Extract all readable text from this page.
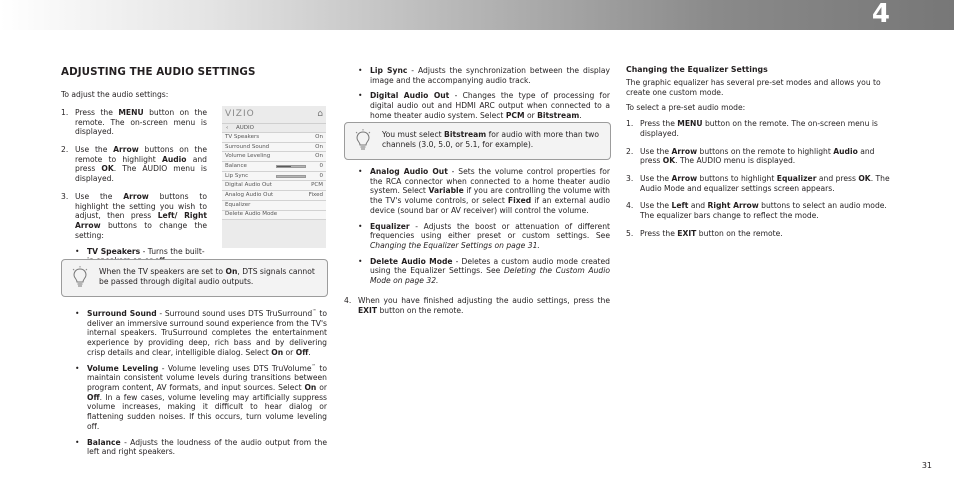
4
ADJUSTING THE AUDIO SETTINGS

To adjust the audio settings:

1. Press the MENU button on the remote. The on-screen menu is displayed.
2. Use the Arrow buttons on the remote to highlight Audio and press OK. The AUDIO menu is displayed.
3. Use the Arrow buttons to highlight the setting you wish to adjust, then press Left/ Right Arrow buttons to change the setting:
• TV Speakers - Turns the built-
VIZIO	⌂
‹ AUDIO
TV Speakers	On
Surround Sound	On
Volume Leveling	On
Balance	0
Lip Sync	0
Digital Audio Out	PCM
Analog Audio Out	Fixed
Equalizer
Delete Audio Mode
When the TV speakers are set to On, DTS signals cannot be passed through digital audio outputs.
• Surround Sound - Surround sound uses DTS TruSurround™ to deliver an immersive surround sound experience from the TV's internal speakers. TruSurround completes the entertainment experience by providing deep, rich bass and by delivering crisp details and clear, intelligible dialog. Select On or Off.
• Volume Leveling - Volume leveling uses DTS TruVolume™ to maintain consistent volume levels during transitions between program content, AV formats, and input sources. Select On or Off. In a few cases, volume leveling may artificially suppress volume increases, making it difficult to hear dialog or flattening sudden noises. If this occurs, turn volume leveling off.
• Balance - Adjusts the loudness of the audio output from the left and right speakers.
• Lip Sync - Adjusts the synchronization between the display image and the accompanying audio track.
• Digital Audio Out - Changes the type of processing for digital audio out and HDMI ARC output when connected to a home theater audio system. Select PCM or Bitstream.
You must select Bitstream for audio with more than two channels (3.0, 5.0, or 5.1, for example).
• Analog Audio Out - Sets the volume control properties for the RCA connector when connected to a home theater audio system. Select Variable if you are controlling the volume with the TV's volume controls, or select Fixed if an external audio device (sound bar or AV receiver) will control the volume.
• Equalizer - Adjusts the boost or attenuation of different frequencies using either preset or custom settings. See Changing the Equalizer Settings on page 31.
• Delete Audio Mode - Deletes a custom audio mode created using the Equalizer Settings. See Deleting the Custom Audio Mode on page 32.
4. When you have finished adjusting the audio settings, press the EXIT button on the remote.
Changing the Equalizer Settings

The graphic equalizer has several pre-set modes and allows you to create one custom mode.

To select a pre-set audio mode:

1. Press the MENU button on the remote. The on-screen menu is displayed.
2. Use the Arrow buttons on the remote to highlight Audio and press OK. The AUDIO menu is displayed.
3. Use the Arrow buttons to highlight Equalizer and press OK. The Audio Mode and equalizer settings screen appears.
4. Use the Left and Right Arrow buttons to select an audio mode. The equalizer bars change to reflect the mode.
5. Press the EXIT button on the remote.
31
